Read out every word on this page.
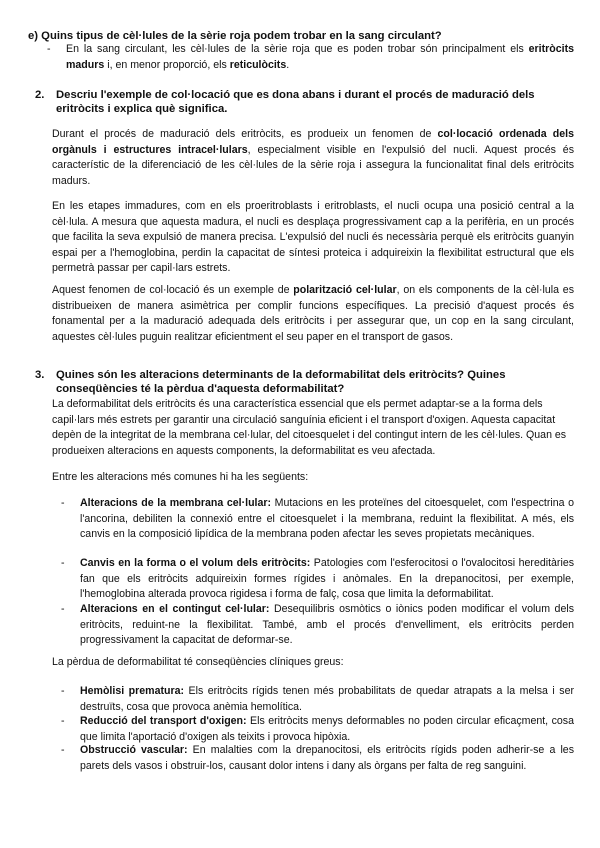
e) Quins tipus de cèl·lules de la sèrie roja podem trobar en la sang circulant?

- En la sang circulant, les cèl·lules de la sèrie roja que es poden trobar són principalment els eritròcits madurs i, en menor proporció, els reticulòcits.

2. Descriu l'exemple de col·locació que es dona abans i durant el procés de maduració dels eritròcits i explica què significa.

Durant el procés de maduració dels eritròcits, es produeix un fenomen de col·locació ordenada dels orgànuls i estructures intracel·lulars, especialment visible en l'expulsió del nucli. Aquest procés és característic de la diferenciació de les cèl·lules de la sèrie roja i assegura la funcionalitat final dels eritròcits madurs.

En les etapes immadures, com en els proeritroblasts i eritroblasts, el nucli ocupa una posició central a la cèl·lula. A mesura que aquesta madura, el nucli es desplaça progressivament cap a la perifèria, en un procés que facilita la seva expulsió de manera precisa. L'expulsió del nucli és necessària perquè els eritròcits guanyin espai per a l'hemoglobina, perdin la capacitat de síntesi proteica i adquireixin la flexibilitat estructural que els permetrà passar per capil·lars estrets.

Aquest fenomen de col·locació és un exemple de polarització cel·lular, on els components de la cèl·lula es distribueixen de manera asimètrica per complir funcions específiques. La precisió d'aquest procés és fonamental per a la maduració adequada dels eritròcits i per assegurar que, un cop en la sang circulant, aquestes cèl·lules puguin realitzar eficientment el seu paper en el transport de gasos.

3. Quines són les alteracions determinants de la deformabilitat dels eritròcits? Quines conseqüències té la pèrdua d'aquesta deformabilitat?

La deformabilitat dels eritròcits és una característica essencial que els permet adaptar-se a la forma dels capil·lars més estrets per garantir una circulació sanguínia eficient i el transport d'oxigen. Aquesta capacitat depèn de la integritat de la membrana cel·lular, del citoesquelet i del contingut intern de les cèl·lules. Quan es produeixen alteracions en aquests components, la deformabilitat es veu afectada.

Entre les alteracions més comunes hi ha les següents:

- Alteracions de la membrana cel·lular: Mutacions en les proteïnes del citoesquelet, com l'espectrina o l'ancorina, debiliten la connexió entre el citoesquelet i la membrana, reduint la flexibilitat. A més, els canvis en la composició lipídica de la membrana poden afectar les seves propietats mecàniques.

- Canvis en la forma o el volum dels eritròcits: Patologies com l'esferocitosi o l'ovalocitosi hereditàries fan que els eritròcits adquireixin formes rígides i anòmales. En la drepanocitosi, per exemple, l'hemoglobina alterada provoca rigidesa i forma de falç, cosa que limita la deformabilitat.

- Alteracions en el contingut cel·lular: Desequilibris osmòtics o iònics poden modificar el volum dels eritròcits, reduint-ne la flexibilitat. També, amb el procés d'envelliment, els eritròcits perden progressivament la capacitat de deformar-se.

La pèrdua de deformabilitat té conseqüències clíniques greus:

- Hemòlisi prematura: Els eritròcits rígids tenen més probabilitats de quedar atrapats a la melsa i ser destruïts, cosa que provoca anèmia hemolítica.

- Reducció del transport d'oxigen: Els eritròcits menys deformables no poden circular eficaçment, cosa que limita l'aportació d'oxigen als teixits i provoca hipòxia.

- Obstrucció vascular: En malalties com la drepanocitosi, els eritròcits rígids poden adherir-se a les parets dels vasos i obstruir-los, causant dolor intens i dany als òrgans per falta de reg sanguini.
